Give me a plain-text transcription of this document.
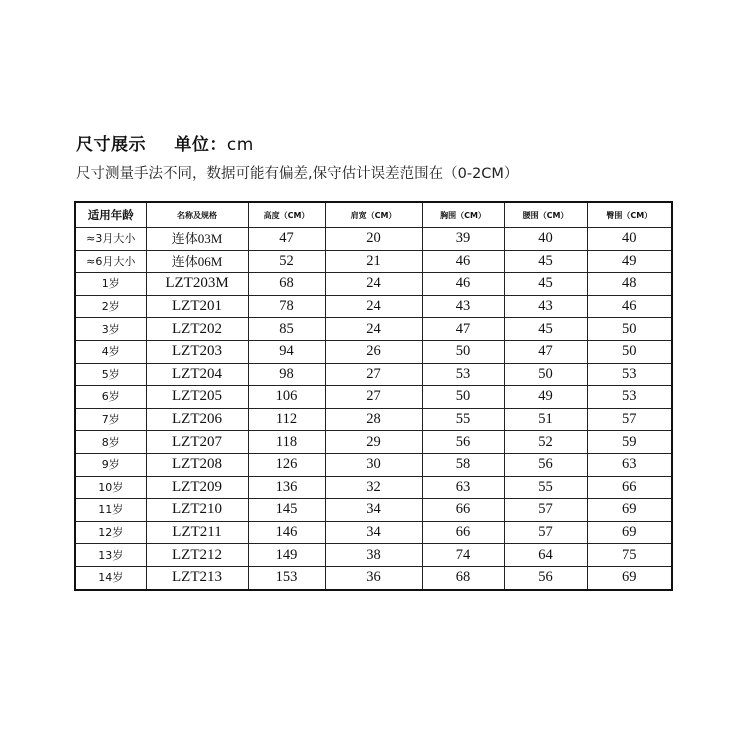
尺寸展示 单位：cm
尺寸测量手法不同，数据可能有偏差,保守估计误差范围在（0-2CM）
适用年龄	名称及规格	高度（CM）	肩宽（CM）	胸围（CM）	腰围（CM）	臀围（CM）
≈3月大小	连体03M	47	20	39	40	40
≈6月大小	连体06M	52	21	46	45	49
1岁	LZT203M	68	24	46	45	48
2岁	LZT201	78	24	43	43	46
3岁	LZT202	85	24	47	45	50
4岁	LZT203	94	26	50	47	50
5岁	LZT204	98	27	53	50	53
6岁	LZT205	106	27	50	49	53
7岁	LZT206	112	28	55	51	57
8岁	LZT207	118	29	56	52	59
9岁	LZT208	126	30	58	56	63
10岁	LZT209	136	32	63	55	66
11岁	LZT210	145	34	66	57	69
12岁	LZT211	146	34	66	57	69
13岁	LZT212	149	38	74	64	75
14岁	LZT213	153	36	68	56	69
